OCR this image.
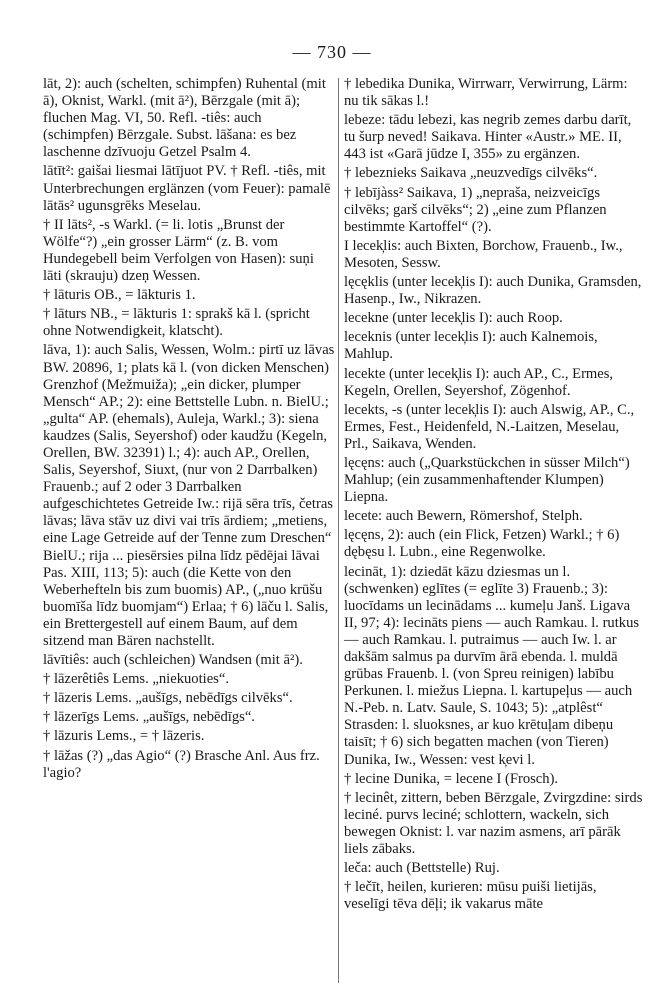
— 730 —

lāt, 2): auch (schelten, schimpfen) Ruhental (mit ā), Oknist, Warkl. (mit ā²), Bērzgale (mit ā); fluchen Mag. VI, 50. Refl. -tiês: auch (schimpfen) Bērzgale. Subst. lāšana: es bez laschenne dzīvuoju Getzel Psalm 4.

lātīt²: gaišai liesmai lātījuot PV. † Refl. -tiês, mit Unterbrechungen erglänzen (vom Feuer): pamalē lātās² ugunsgrēks Meselau.

† II lāts², -s Warkl. (= li. lotis „Brunst der Wölfe“?) „ein grosser Lärm“ (z. B. vom Hundegebell beim Verfolgen von Hasen): suņi lāti (skrauju) dzeņ Wessen.

† lāturis OB., = lākturis 1.

† lāturs NB., = lākturis 1: sprakš kā l. (spricht ohne Notwendigkeit, klatscht).

lāva, 1): auch Salis, Wessen, Wolm.: pirtī uz lāvas BW. 20896, 1; plats kā l. (von dicken Menschen) Grenzhof (Mežmuiža); „ein dicker, plumper Mensch“ AP.; 2): eine Bettstelle Lubn. n. BielU.; „gulta“ AP. (ehemals), Auleja, Warkl.; 3): siena kaudzes (Salis, Seyershof) oder kaudžu (Kegeln, Orellen, BW. 32391) l.; 4): auch AP., Orellen, Salis, Seyershof, Siuxt, (nur von 2 Darrbalken) Frauenb.; auf 2 oder 3 Darrbalken aufgeschichtetes Getreide Iw.: rijā sēra trīs, četras lāvas; lāva stāv uz divi vai trīs ārdiem; „metiens, eine Lage Getreide auf der Tenne zum Dreschen“ BielU.; rija ... piesērsies pilna līdz pēdējai lāvai Pas. XIII, 113; 5): auch (die Kette von den Weberhefteln bis zum buomis) AP., („nuo krūšu buomīša līdz buomjam“) Erlaa; † 6) lāču l. Salis, ein Brettergestell auf einem Baum, auf dem sitzend man Bären nachstellt.

lāvītiês: auch (schleichen) Wandsen (mit ā²).

† lāzerêtiês Lems. „niekuoties“.

† lāzeris Lems. „aušīgs, nebēdīgs cilvēks“.

† lāzerīgs Lems. „aušīgs, nebēdīgs“.

† lāzuris Lems., = † lāzeris.

† lāžas (?) „das Agio“ (?) Brasche Anl. Aus frz. l'agio?

† lebedika Dunika, Wirrwarr, Verwirrung, Lärm: nu tik sākas l.!

lebeze: tādu lebezi, kas negrib zemes darbu darīt, tu šurp neved! Saikava. Hinter «Austr.» ME. II, 443 ist «Garā jūdze I, 355» zu ergänzen.

† lebeznieks Saikava „neuzvedīgs cilvēks“.

† lebījàss² Saikava, 1) „neprаša, neizveicīgs cilvēks; garš cilvēks“; 2) „eine zum Pflanzen bestimmte Kartoffel“ (?).

I lecek̦lis: auch Bixten, Borchow, Frauenb., Iw., Mesoten, Sessw.

lęcęklis (unter lecek̦lis I): auch Dunika, Gramsden, Hasenp., Iw., Nikrazen.

lecekne (unter lecek̦lis I): auch Roop.

leceknis (unter lecek̦lis I): auch Kalnemois, Mahlup.

lecekte (unter lecek̦lis I): auch AP., C., Ermes, Kegeln, Orellen, Seyershof, Zögenhof.

lecekts, -s (unter lecek̦lis I): auch Alswig, AP., C., Ermes, Fest., Heidenfeld, N.-Laitzen, Meselau, Prl., Saikava, Wenden.

lęcęns: auch („Quarkstückchen in süsser Milch“) Mahlup; (ein zusammenhaftender Klumpen) Liepna.

lecete: auch Bewern, Römershof, Stelph.

lęcęns, 2): auch (ein Flick, Fetzen) Warkl.; † 6) dębęsu l. Lubn., eine Regenwolke.

lecināt, 1): dziedāt kāzu dziesmas un l. (schwenken) eglītes (= eglīte 3) Frauenb.; 3): luocīdams un lecinādams ... kumeļu Janš. Ligava II, 97; 4): lecināts piens — auch Ramkau. l. rutkus — auch Ramkau. l. putraimus — auch Iw. l. ar dakšām salmus pa durvīm ārā ebenda. l. muldā grūbas Frauenb. l. (von Spreu reinigen) labību Perkunen. l. miežus Liepna. l. kartupeļus — auch N.-Peb. n. Latv. Saule, S. 1043; 5): „atplêst“ Strasden: l. sluoksnes, ar kuo krētuļam dibeņu taisīt; † 6) sich begatten machen (von Tieren) Dunika, Iw., Wessen: vest k̦evi l.

† lecine Dunika, = lecene I (Frosch).

† lecinêt, zittern, beben Bērzgale, Zvirgzdine: sirds leciné. purvs leciné; schlottern, wackeln, sich bewegen Oknist: l. var nazim asmens, arī pārāk liels zābaks.

leča: auch (Bettstelle) Ruj.

† lečīt, heilen, kurieren: mūsu puiši lietijās, veselīgi tēva dēļi; ik vakarus māte
